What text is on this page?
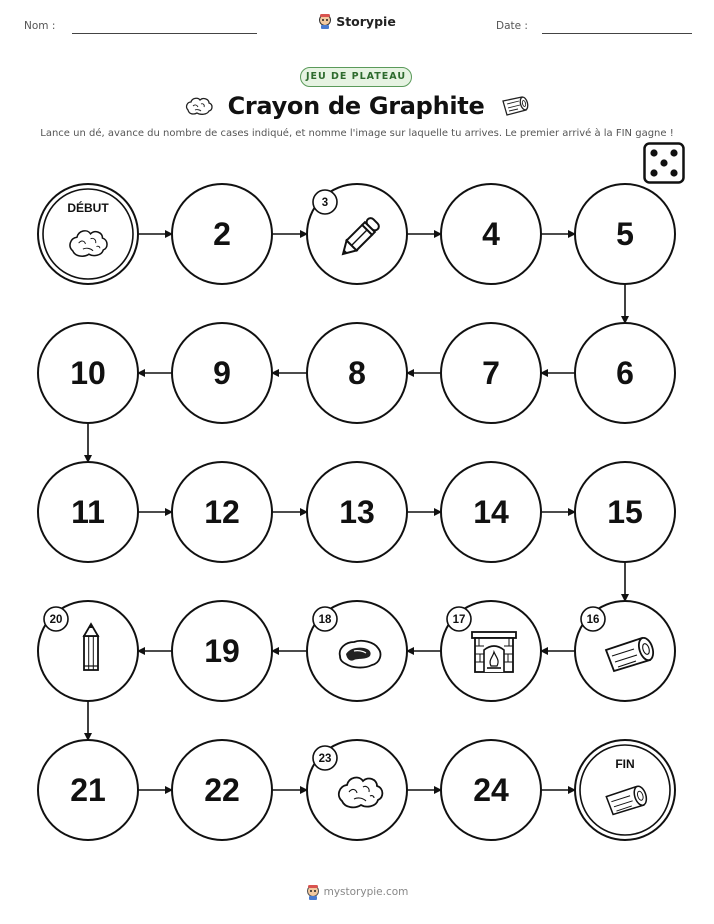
Nom :	Storypie	Date :
JEU DE PLATEAU
Crayon de Graphite
Lance un dé, avance du nombre de cases indiqué, et nomme l'image sur laquelle tu arrives. Le premier arrivé à la FIN gagne !
DÉBUT
2
3
4	5
6
7
8
9
10
11	12	13	14	15
16
17
18
19
20
21	22
23
24
FIN
mystorypie.com
